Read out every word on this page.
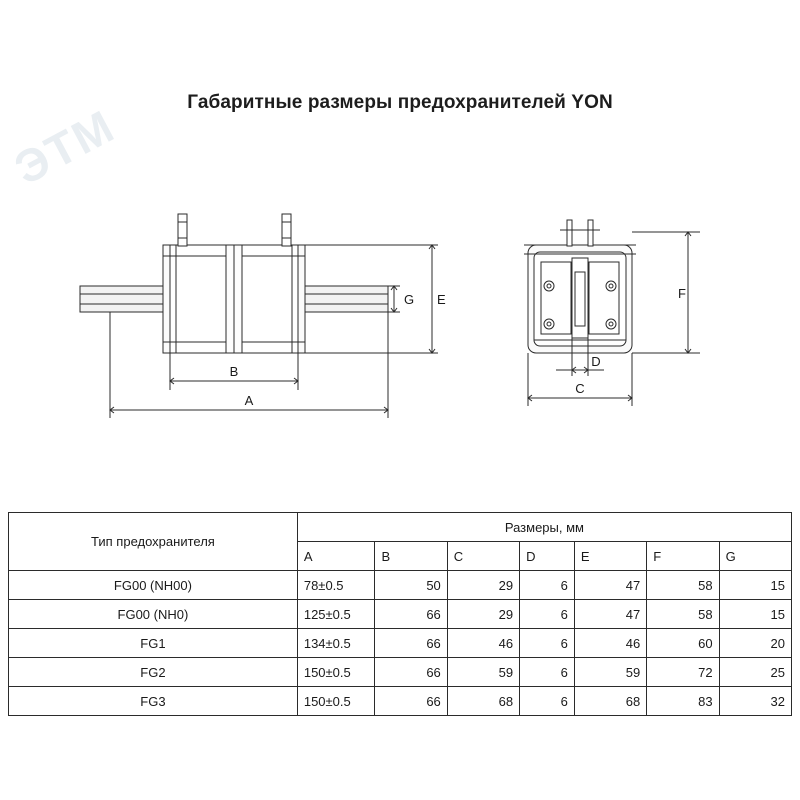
ЭТМ	Габаритные размеры предохранителей YON
G E
B
A
D
C
F
Тип предохранителя	Размеры, мм						
	A	B	C	D	E	F	G
FG00 (NH00)	78±0.5	50	29	6	47	58	15
FG00 (NH0)	125±0.5	66	29	6	47	58	15
FG1	134±0.5	66	46	6	46	60	20
FG2	150±0.5	66	59	6	59	72	25
FG3	150±0.5	66	68	6	68	83	32
